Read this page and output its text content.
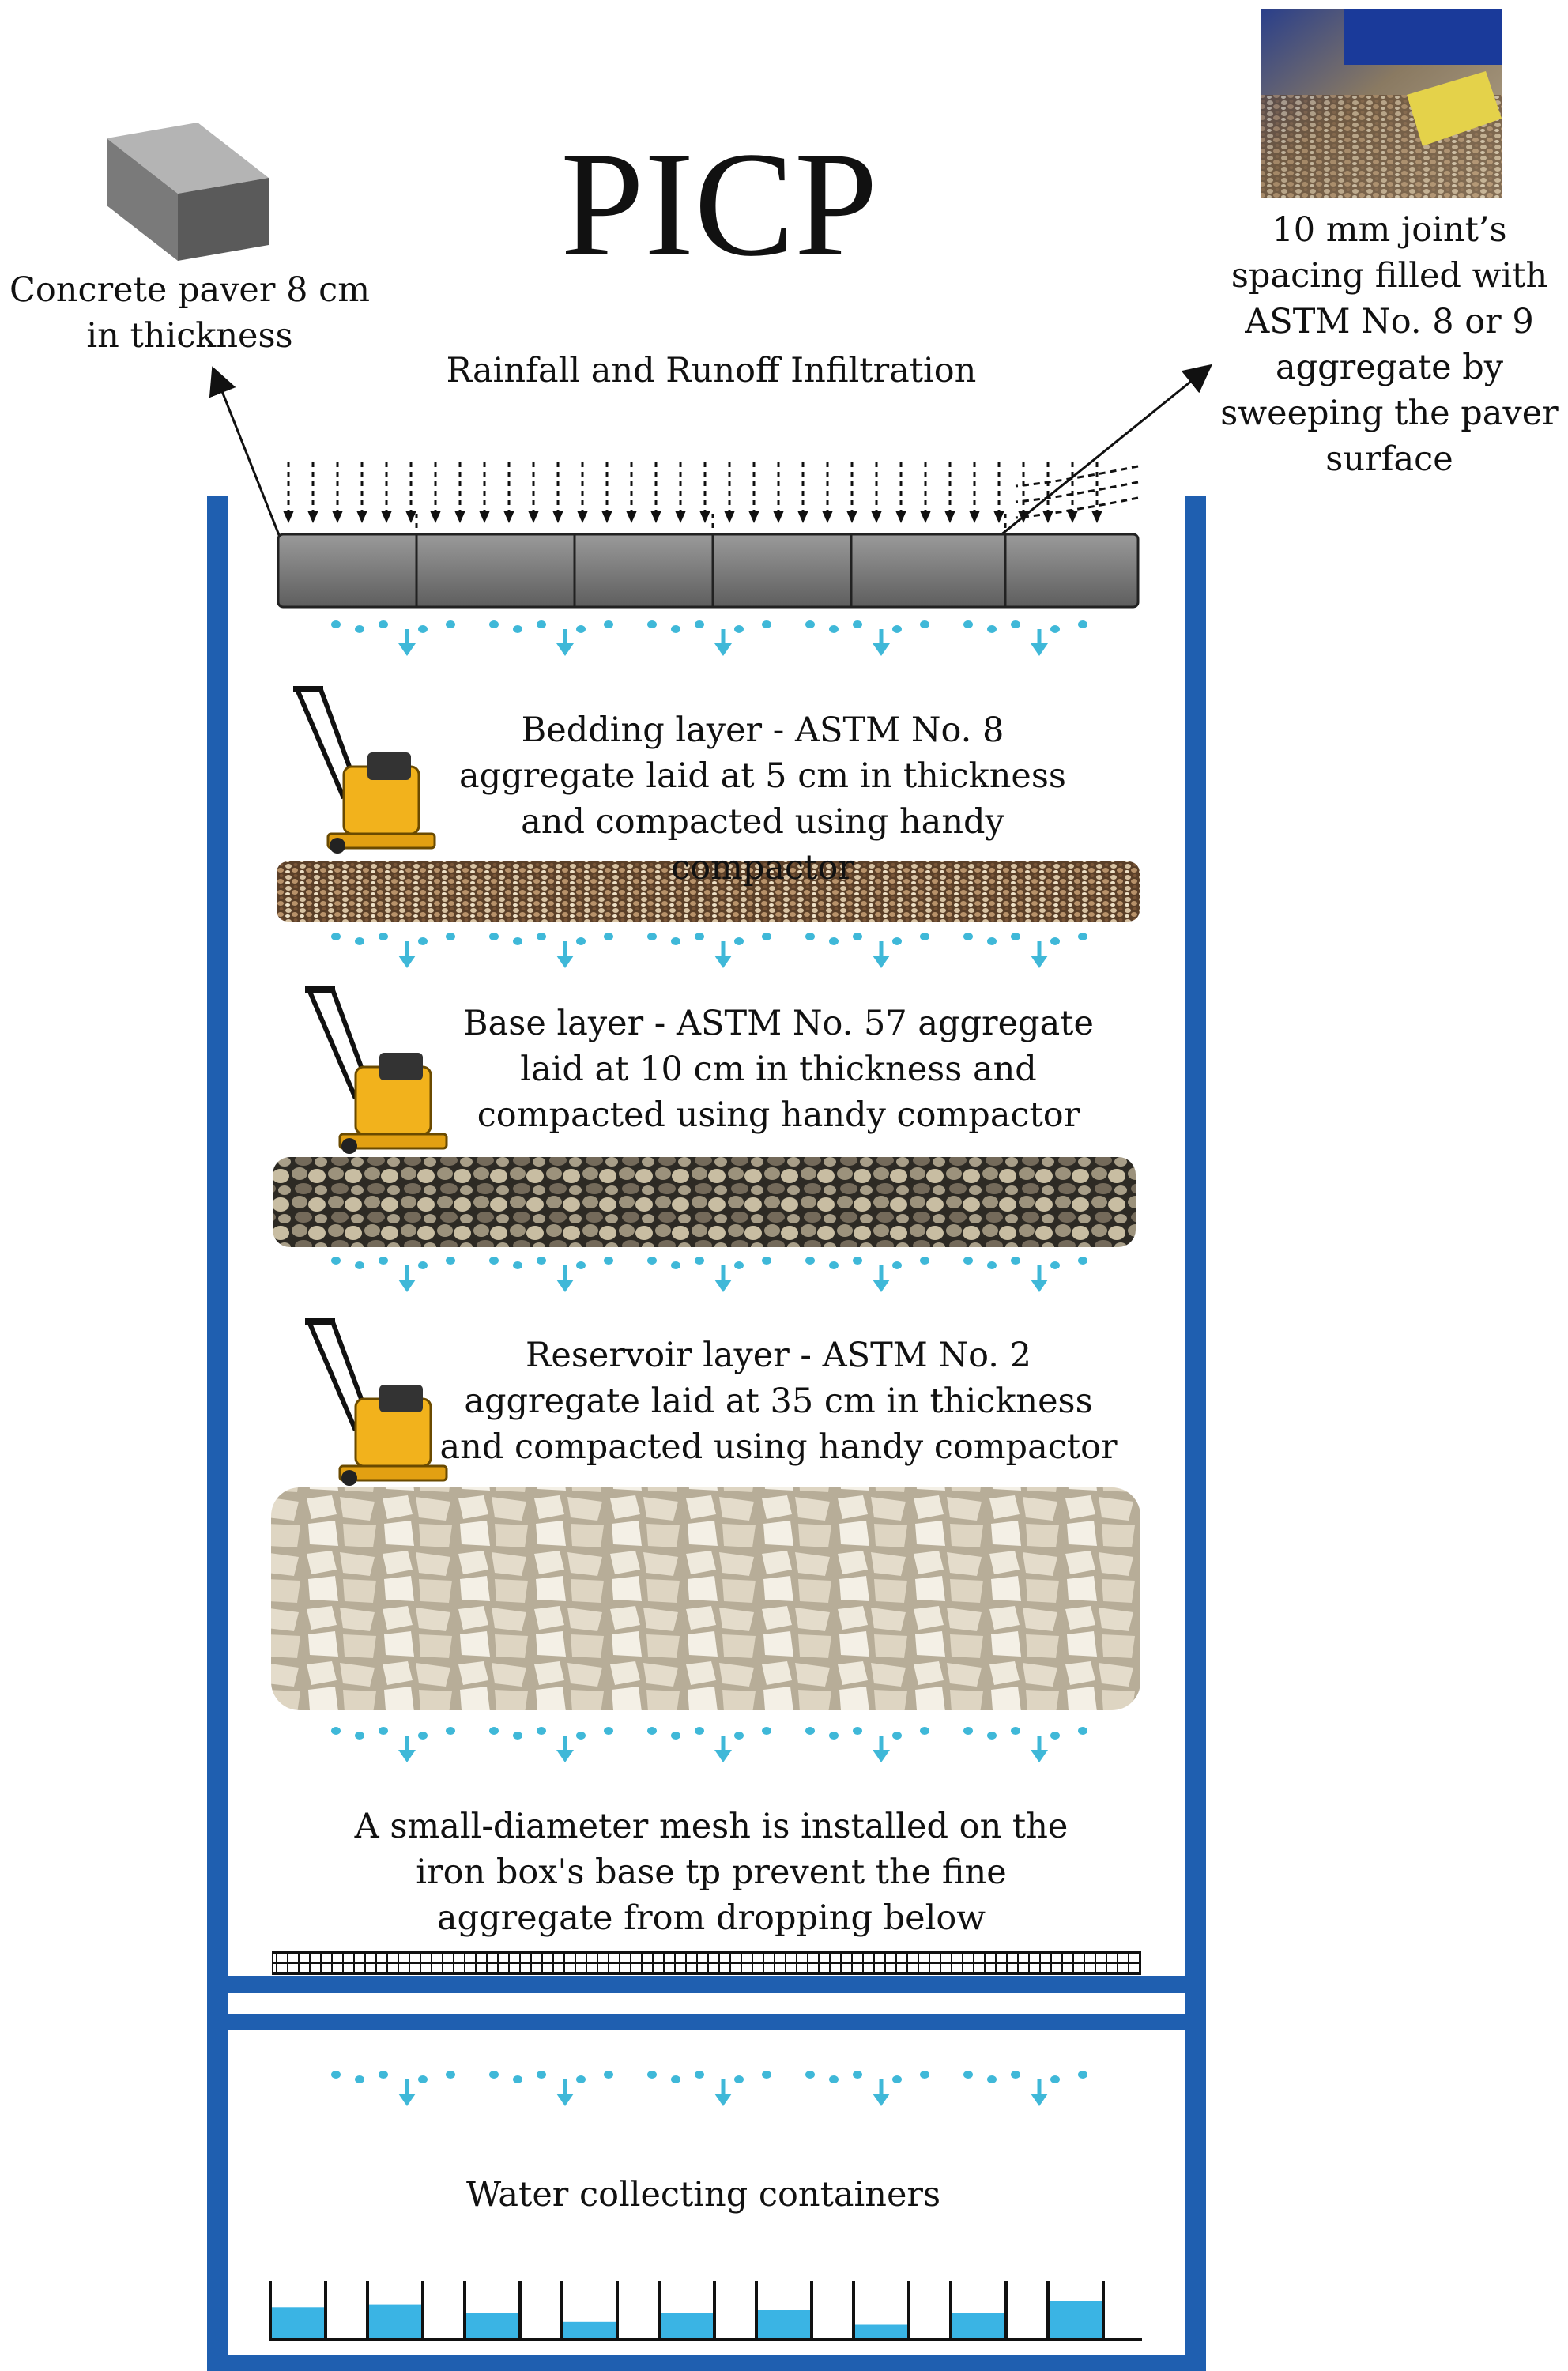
PICP
Concrete paver 8 cm in thickness
10 mm joint’s spacing filled with ASTM No. 8 or 9 aggregate by sweeping the paver surface
Rainfall and Runoff Infiltration
Bedding layer - ASTM No. 8 aggregate laid at 5 cm in thickness and compacted using handy compactor
Base layer - ASTM No. 57 aggregate laid at 10 cm in thickness and compacted using handy compactor
Reservoir layer - ASTM No. 2 aggregate laid at 35 cm in thickness and compacted using handy compactor
A small-diameter mesh is installed on the iron box's base tp prevent the fine aggregate from dropping below
Water collecting containers
